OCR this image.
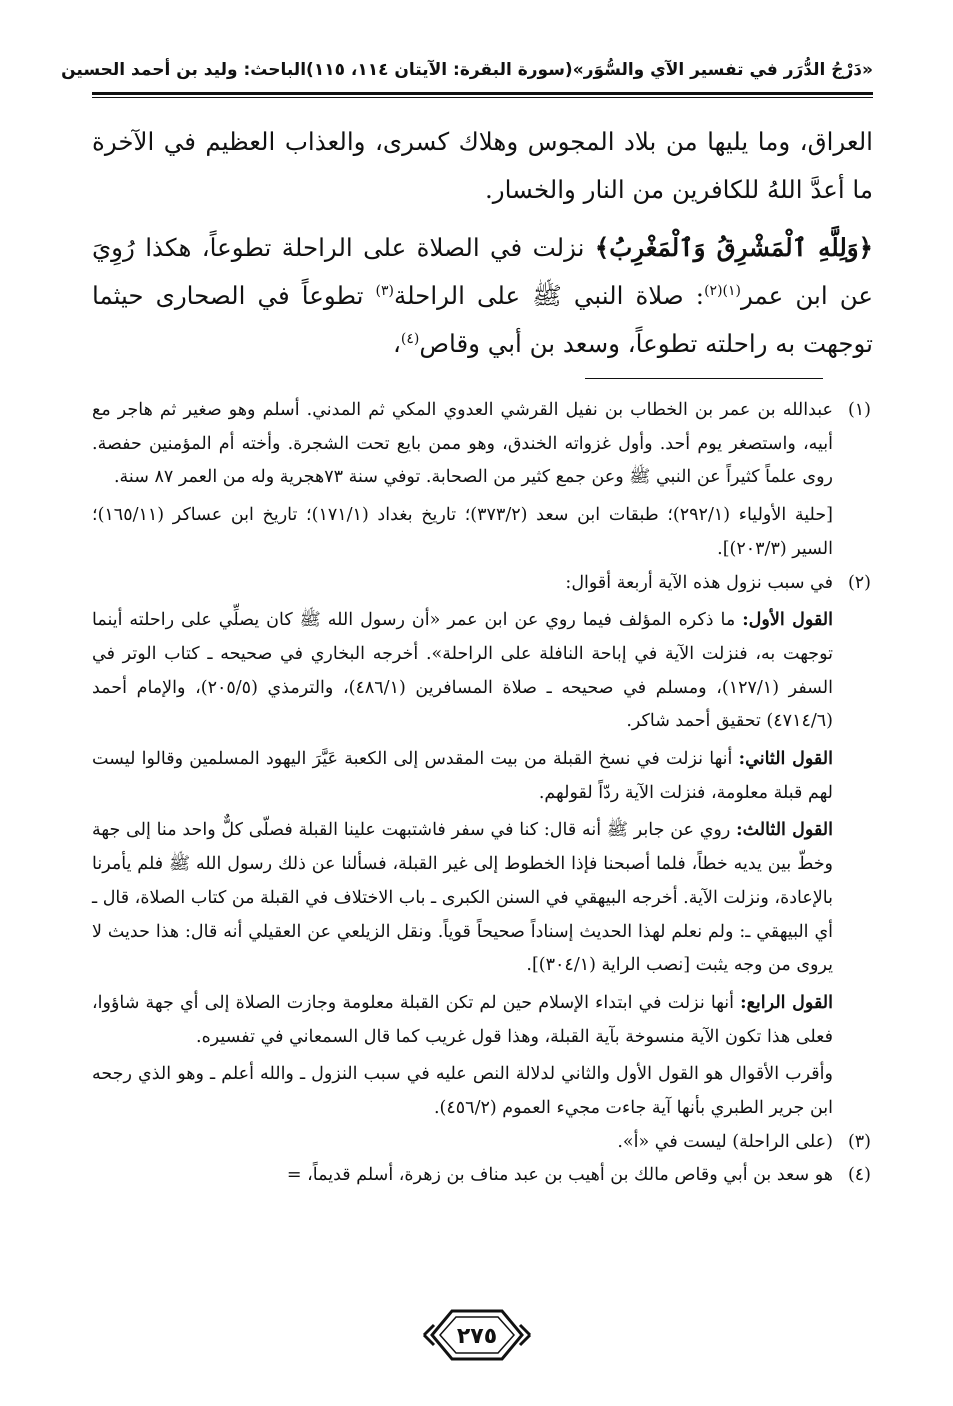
«دَرْجُ الدُّرَر في تفسير الآي والسُّوَر»
(سورة البقرة: الآيتان ١١٤، ١١٥)
الباحث: وليد بن أحمد الحسين

العراق، وما يليها من بلاد المجوس وهلاك كسرى، والعذاب العظيم في الآخرة ما أعدَّ اللهُ للكافرين من النار والخسار.

﴿وَلِلَّهِ ٱلْمَشْرِقُ وَٱلْمَغْرِبُ﴾ نزلت في الصلاة على الراحلة تطوعاً، هكذا رُوِيَ عن ابن عمر$^{(١)(٢)}$: صلاة النبي ﷺ على الراحلة$^{(٣)}$ تطوعاً في الصحارى حيثما توجهت به راحلته تطوعاً، وسعد بن أبي وقاص$^{(٤)}$،

(١)

عبدالله بن عمر بن الخطاب بن نفيل القرشي العدوي المكي ثم المدني. أسلم وهو صغير ثم هاجر مع أبيه، واستصغر يوم أحد. وأول غزواته الخندق، وهو ممن بايع تحت الشجرة. وأخته أم المؤمنين حفصة. روى علماً كثيراً عن النبي ﷺ وعن جمع كثير من الصحابة. توفي سنة ٧٣هجرية وله من العمر ٨٧ سنة.

[حلية الأولياء (٢٩٢/١)؛ طبقات ابن سعد (٣٧٣/٢)؛ تاريخ بغداد (١٧١/١)؛ تاريخ ابن عساكر (١٦٥/١١)؛ السير (٢٠٣/٣)].

(٢)

في سبب نزول هذه الآية أربعة أقوال:

القول الأول: ما ذكره المؤلف فيما روي عن ابن عمر «أن رسول الله ﷺ كان يصلِّي على راحلته أينما توجهت به، فنزلت الآية في إباحة النافلة على الراحلة». أخرجه البخاري في صحيحه ـ كتاب الوتر في السفر (١٢٧/١)، ومسلم في صحيحه ـ صلاة المسافرين (٤٨٦/١)، والترمذي (٢٠٥/٥)، والإمام أحمد (٤٧١٤/٦) تحقيق أحمد شاكر.

القول الثاني: أنها نزلت في نسخ القبلة من بيت المقدس إلى الكعبة عَيَّرَ اليهود المسلمين وقالوا ليست لهم قبلة معلومة، فنزلت الآية ردّاً لقولهم.

القول الثالث: روي عن جابر ﷺ أنه قال: كنا في سفر فاشتبهت علينا القبلة فصلّى كلٌّ واحد منا إلى جهة وخطّ بين يديه خطاً، فلما أصبحنا فإذا الخطوط إلى غير القبلة، فسألنا عن ذلك رسول الله ﷺ فلم يأمرنا بالإعادة، ونزلت الآية. أخرجه البيهقي في السنن الكبرى ـ باب الاختلاف في القبلة من كتاب الصلاة، قال ـ أي البيهقي ـ: ولم نعلم لهذا الحديث إسناداً صحيحاً قوياً. ونقل الزيلعي عن العقيلي أنه قال: هذا حديث لا يروى من وجه يثبت [نصب الراية (٣٠٤/١)].

القول الرابع: أنها نزلت في ابتداء الإسلام حين لم تكن القبلة معلومة وجازت الصلاة إلى أي جهة شاؤوا، فعلى هذا تكون الآية منسوخة بآية القبلة، وهذا قول غريب كما قال السمعاني في تفسيره.

وأقرب الأقوال هو القول الأول والثاني لدلالة النص عليه في سبب النزول ـ والله أعلم ـ وهو الذي رجحه ابن جرير الطبري بأنها آية جاءت مجيء العموم (٤٥٦/٢).

(٣)

(على الراحلة) ليست في «أ».

(٤)

هو سعد بن أبي وقاص مالك بن أهيب بن عبد مناف بن زهرة، أسلم قديماً، =

٢٧٥
